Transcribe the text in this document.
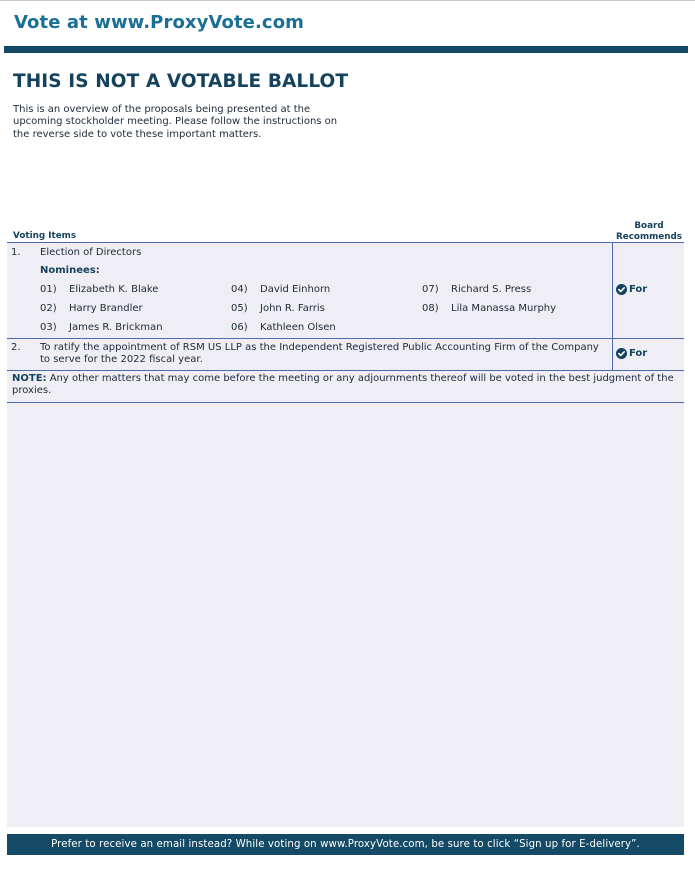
Vote at www.ProxyVote.com
THIS IS NOT A VOTABLE BALLOT
This is an overview of the proposals being presented at the upcoming stockholder meeting. Please follow the instructions on the reverse side to vote these important matters.
Voting Items
Board Recommends
1. Election of Directors
Nominees:
01) Elizabeth K. Blake
02) Harry Brandler
03) James R. Brickman
04) David Einhorn
05) John R. Farris
06) Kathleen Olsen
07) Richard S. Press
08) Lila Manassa Murphy
For
2. To ratify the appointment of RSM US LLP as the Independent Registered Public Accounting Firm of the Company to serve for the 2022 fiscal year.
For
NOTE: Any other matters that may come before the meeting or any adjournments thereof will be voted in the best judgment of the proxies.
Prefer to receive an email instead? While voting on www.ProxyVote.com, be sure to click “Sign up for E-delivery”.
